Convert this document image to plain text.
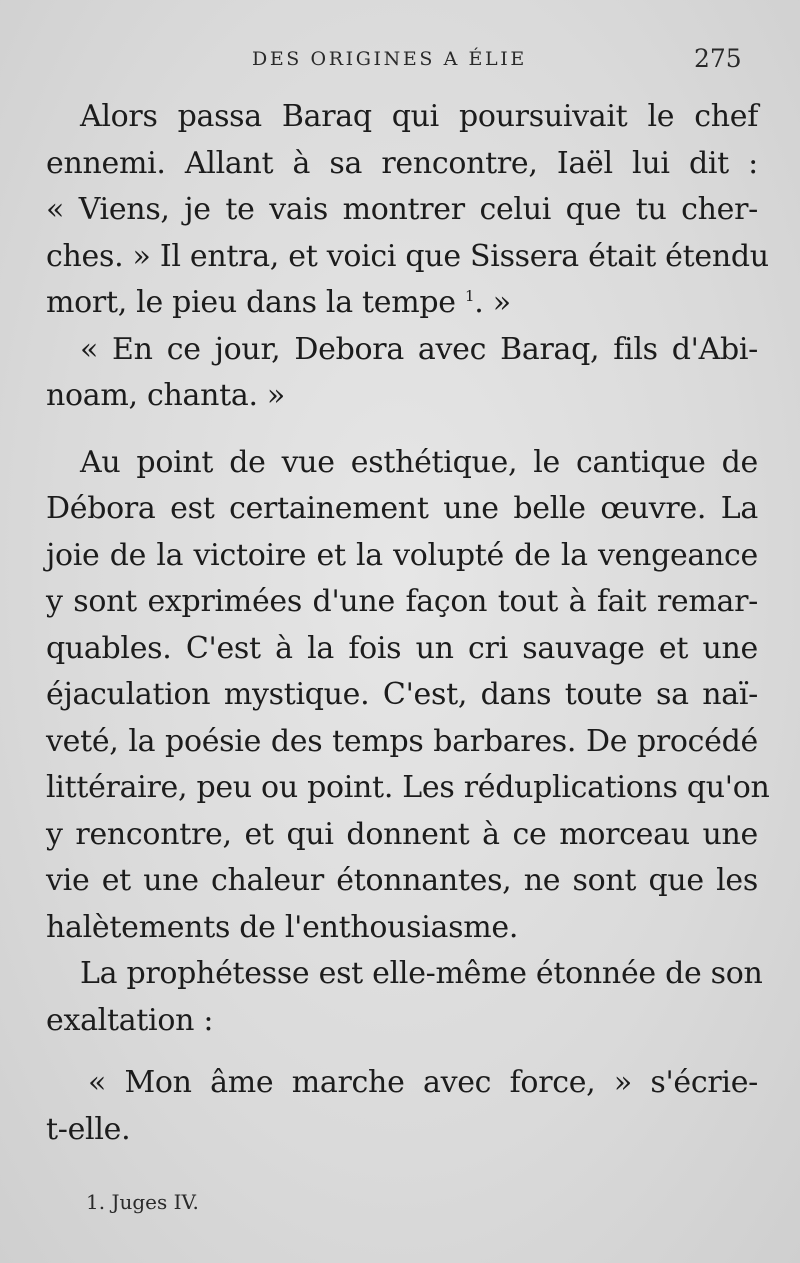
DES ORIGINES A ÉLIE	275
Alors passa Baraq qui poursuivait le chef
ennemi. Allant à sa rencontre, Iaël lui dit :
« Viens, je te vais montrer celui que tu cher-
ches. » Il entra, et voici que Sissera était étendu
mort, le pieu dans la tempe $^1$. »
« En ce jour, Debora avec Baraq, fils d'Abi-
noam, chanta. »
Au point de vue esthétique, le cantique de
Débora est certainement une belle œuvre. La
joie de la victoire et la volupté de la vengeance
y sont exprimées d'une façon tout à fait remar-
quables. C'est à la fois un cri sauvage et une
éjaculation mystique. C'est, dans toute sa naï-
veté, la poésie des temps barbares. De procédé
littéraire, peu ou point. Les réduplications qu'on
y rencontre, et qui donnent à ce morceau une
vie et une chaleur étonnantes, ne sont que les
halètements de l'enthousiasme.
La prophétesse est elle-même étonnée de son
exaltation :
« Mon âme marche avec force, » s'écrie-
t-elle.
1. Juges IV.
